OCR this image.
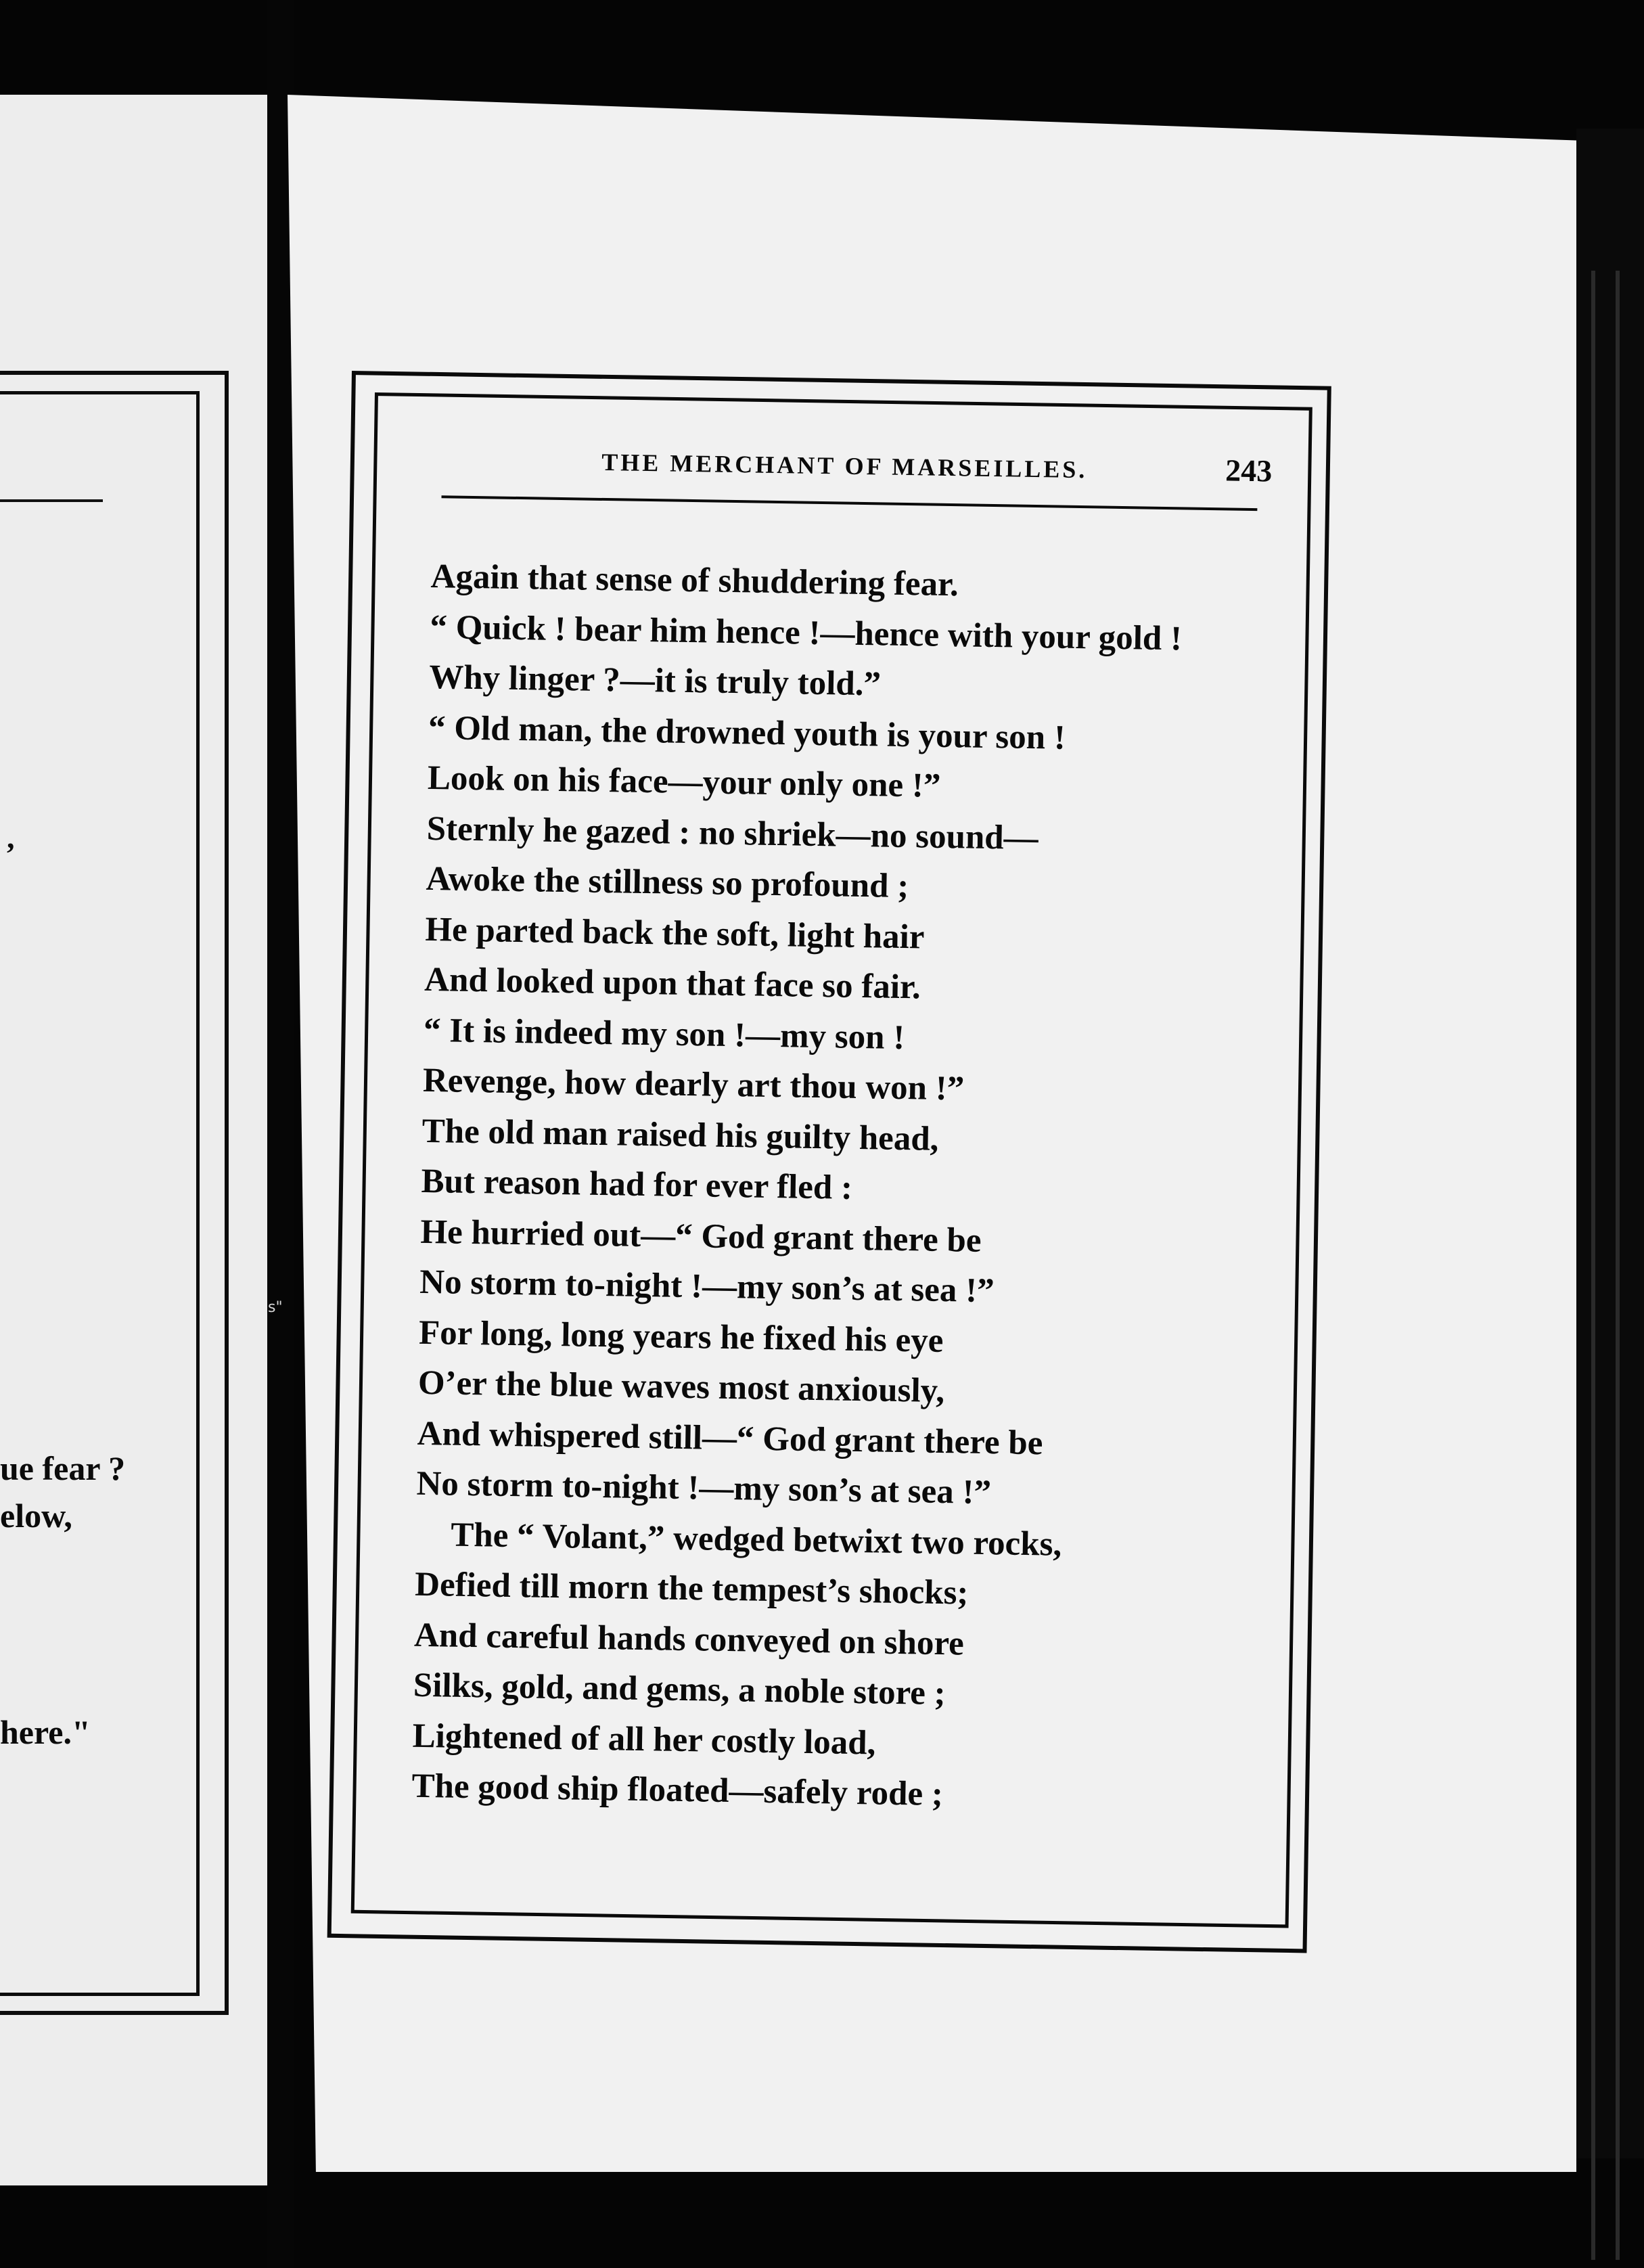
,
ue fear ?
elow,
here."
s"
THE MERCHANT OF MARSEILLES.	243
Again that sense of shuddering fear.
“ Quick ! bear him hence !—hence with your gold !
Why linger ?—it is truly told.”
“ Old man, the drowned youth is your son !
Look on his face—your only one !”
Sternly he gazed : no shriek—no sound—
Awoke the stillness so profound ;
He parted back the soft, light hair
And looked upon that face so fair.
“ It is indeed my son !—my son !
Revenge, how dearly art thou won !”
The old man raised his guilty head,
But reason had for ever fled :
He hurried out—“ God grant there be
No storm to-night !—my son’s at sea !”
For long, long years he fixed his eye
O’er the blue waves most anxiously,
And whispered still—“ God grant there be
No storm to-night !—my son’s at sea !”
The “ Volant,” wedged betwixt two rocks,
Defied till morn the tempest’s shocks;
And careful hands conveyed on shore
Silks, gold, and gems, a noble store ;
Lightened of all her costly load,
The good ship floated—safely rode ;
